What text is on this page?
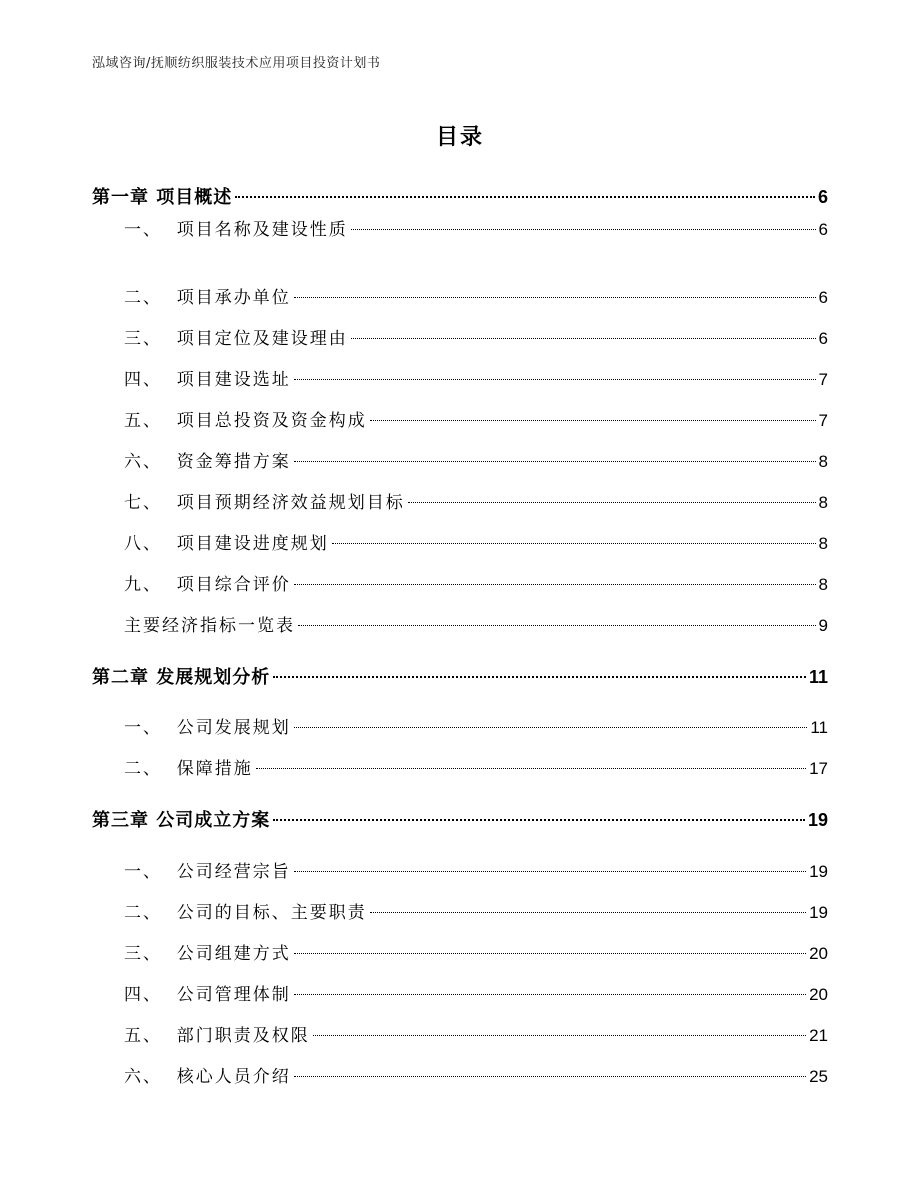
泓域咨询/抚顺纺织服装技术应用项目投资计划书
目录
第一章 项目概述	6
一、  项目名称及建设性质	6
二、  项目承办单位	6
三、  项目定位及建设理由	6
四、  项目建设选址	7
五、  项目总投资及资金构成	7
六、  资金筹措方案	8
七、  项目预期经济效益规划目标	8
八、  项目建设进度规划	8
九、  项目综合评价	8
主要经济指标一览表	9
第二章 发展规划分析	11
一、  公司发展规划	11
二、  保障措施	17
第三章 公司成立方案	19
一、  公司经营宗旨	19
二、  公司的目标、主要职责	19
三、  公司组建方式	20
四、  公司管理体制	20
五、  部门职责及权限	21
六、  核心人员介绍	25
